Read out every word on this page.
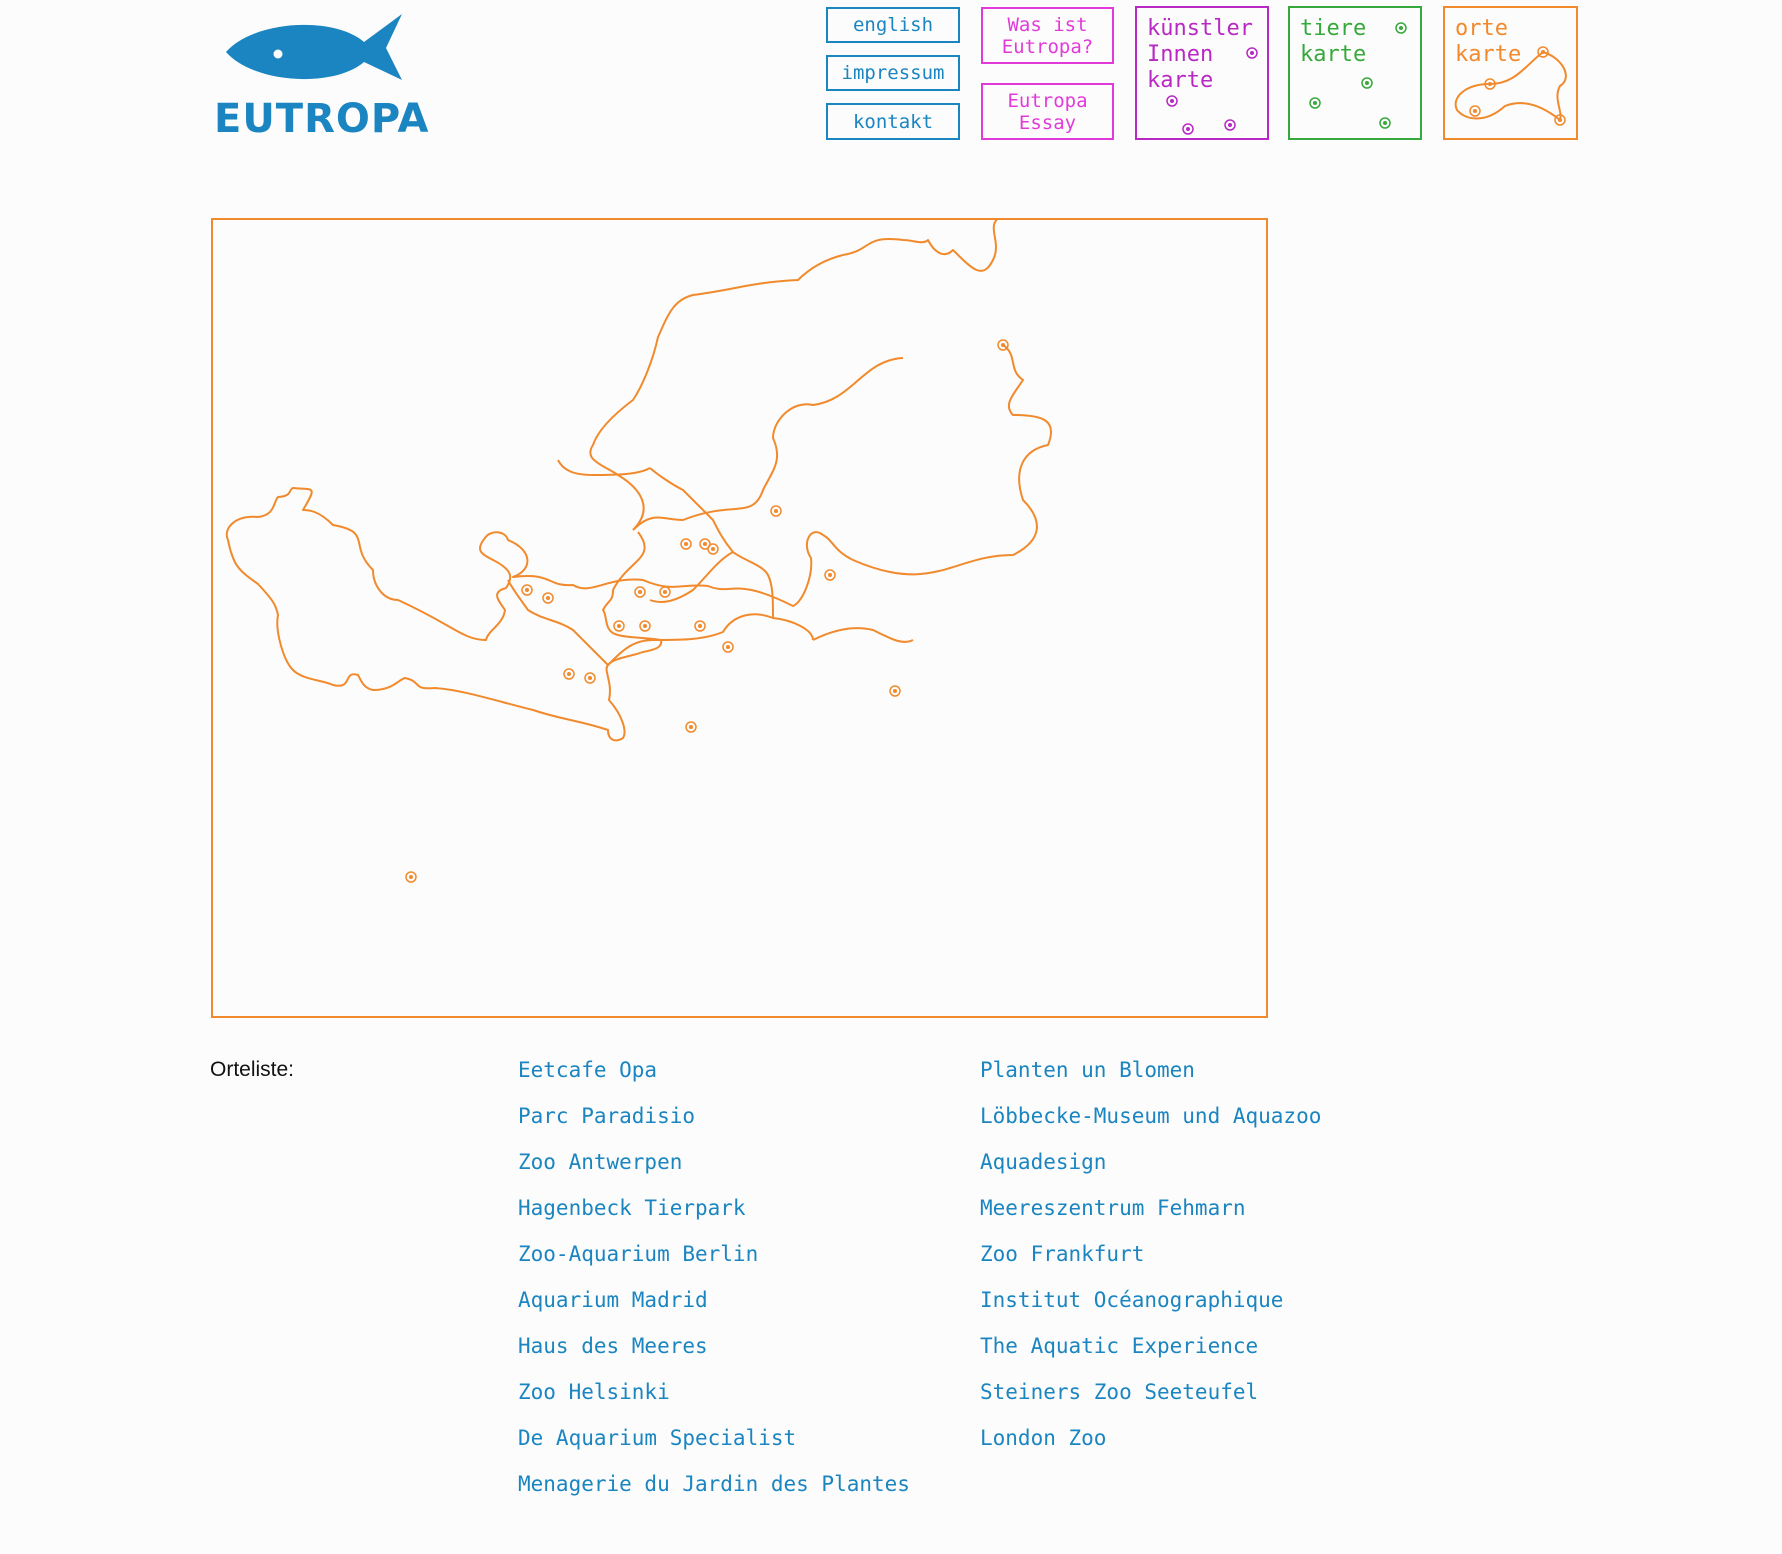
EUTROPA
english
impressum
kontakt
Was ist
Eutropa?
Eutropa
Essay
künstler
Innen
karte
tiere
karte
orte
karte
Orteliste:	Eetcafe Opa
Parc Paradisio
Zoo Antwerpen
Hagenbeck Tierpark
Zoo-Aquarium Berlin
Aquarium Madrid
Haus des Meeres
Zoo Helsinki
De Aquarium Specialist
Menagerie du Jardin des Plantes
Planten un Blomen
Löbbecke-Museum und Aquazoo
Aquadesign
Meereszentrum Fehmarn
Zoo Frankfurt
Institut Océanographique
The Aquatic Experience
Steiners Zoo Seeteufel
London Zoo
